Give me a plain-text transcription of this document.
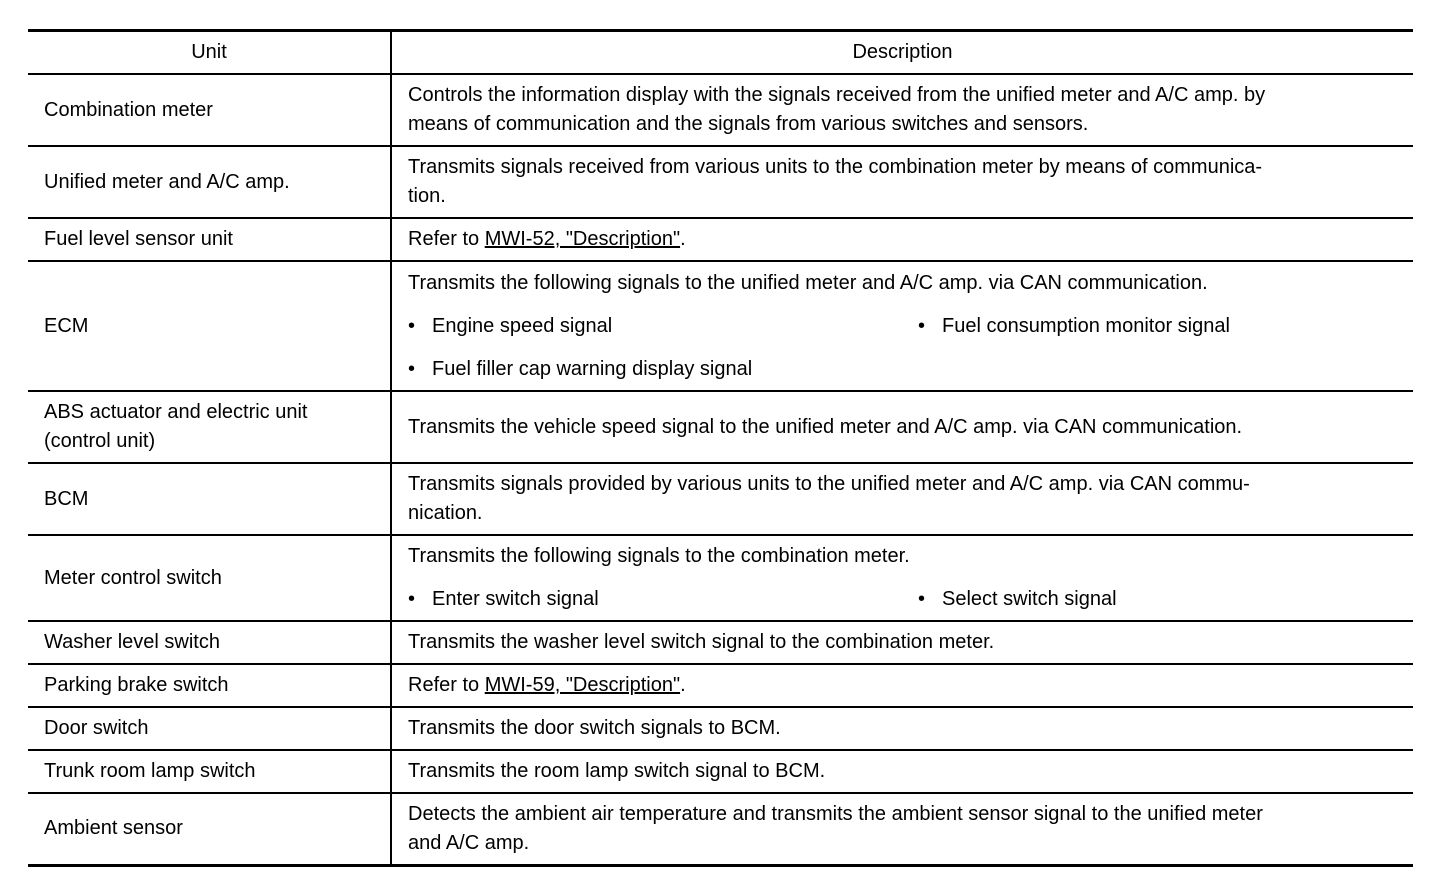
Unit	Description
Combination meter	Controls the information display with the signals received from the unified meter and A/C amp. by
means of communication and the signals from various switches and sensors.

Unified meter and A/C amp.	Transmits signals received from various units to the combination meter by means of communica-
tion.

Fuel level sensor unit	Refer to MWI-52, "Description".
ECM	Transmits the following signals to the unified meter and A/C amp. via CAN communication.
• Engine speed signal • Fuel consumption monitor signal
• Fuel filler cap warning display signal

ABS actuator and electric unit
(control unit)	Transmits the vehicle speed signal to the unified meter and A/C amp. via CAN communication.
BCM	Transmits signals provided by various units to the unified meter and A/C amp. via CAN commu-
nication.

Meter control switch	Transmits the following signals to the combination meter.
• Enter switch signal • Select switch signal

Washer level switch	Transmits the washer level switch signal to the combination meter.
Parking brake switch	Refer to MWI-59, "Description".
Door switch	Transmits the door switch signals to BCM.
Trunk room lamp switch	Transmits the room lamp switch signal to BCM.
Ambient sensor	Detects the ambient air temperature and transmits the ambient sensor signal to the unified meter
and A/C amp.
